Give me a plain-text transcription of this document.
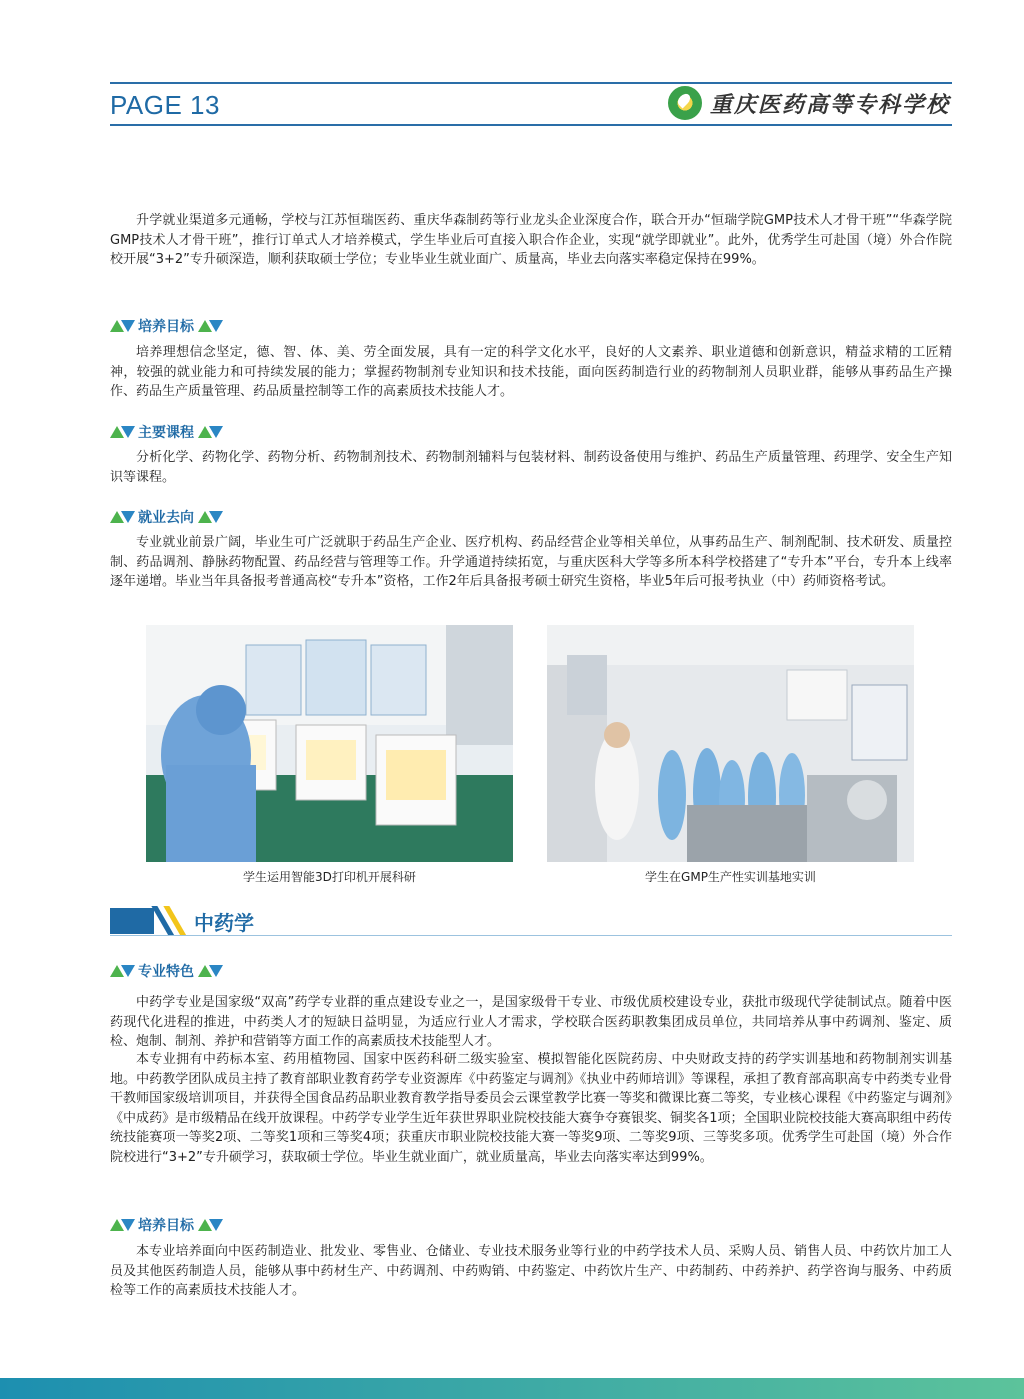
PAGE 13	重庆医药高等专科学校

升学就业渠道多元通畅，学校与江苏恒瑞医药、重庆华森制药等行业龙头企业深度合作，联合开办“恒瑞学院GMP技术人才骨干班”“华森学院GMP技术人才骨干班”，推行订单式人才培养模式，学生毕业后可直接入职合作企业，实现“就学即就业”。此外，优秀学生可赴国（境）外合作院校开展“3+2”专升硕深造，顺利获取硕士学位；专业毕业生就业面广、质量高，毕业去向落实率稳定保持在99%。

培养目标

培养理想信念坚定，德、智、体、美、劳全面发展，具有一定的科学文化水平，良好的人文素养、职业道德和创新意识，精益求精的工匠精神，较强的就业能力和可持续发展的能力；掌握药物制剂专业知识和技术技能，面向医药制造行业的药物制剂人员职业群，能够从事药品生产操作、药品生产质量管理、药品质量控制等工作的高素质技术技能人才。

主要课程

分析化学、药物化学、药物分析、药物制剂技术、药物制剂辅料与包装材料、制药设备使用与维护、药品生产质量管理、药理学、安全生产知识等课程。

就业去向

专业就业前景广阔，毕业生可广泛就职于药品生产企业、医疗机构、药品经营企业等相关单位，从事药品生产、制剂配制、技术研发、质量控制、药品调剂、静脉药物配置、药品经营与管理等工作。升学通道持续拓宽，与重庆医科大学等多所本科学校搭建了“专升本”平台，专升本上线率逐年递增。毕业当年具备报考普通高校“专升本”资格，工作2年后具备报考硕士研究生资格，毕业5年后可报考执业（中）药师资格考试。

学生运用智能3D打印机开展科研	学生在GMP生产性实训基地实训
中药学
专业特色

中药学专业是国家级“双高”药学专业群的重点建设专业之一，是国家级骨干专业、市级优质校建设专业，获批市级现代学徒制试点。随着中医药现代化进程的推进，中药类人才的短缺日益明显，为适应行业人才需求，学校联合医药职教集团成员单位，共同培养从事中药调剂、鉴定、质检、炮制、制剂、养护和营销等方面工作的高素质技术技能型人才。

本专业拥有中药标本室、药用植物园、国家中医药科研二级实验室、模拟智能化医院药房、中央财政支持的药学实训基地和药物制剂实训基地。中药教学团队成员主持了教育部职业教育药学专业资源库《中药鉴定与调剂》《执业中药师培训》等课程，承担了教育部高职高专中药类专业骨干教师国家级培训项目，并获得全国食品药品职业教育教学指导委员会云课堂教学比赛一等奖和微课比赛二等奖，专业核心课程《中药鉴定与调剂》《中成药》是市级精品在线开放课程。中药学专业学生近年获世界职业院校技能大赛争夺赛银奖、铜奖各1项；全国职业院校技能大赛高职组中药传统技能赛项一等奖2项、二等奖1项和三等奖4项；获重庆市职业院校技能大赛一等奖9项、二等奖9项、三等奖多项。优秀学生可赴国（境）外合作院校进行“3+2”专升硕学习，获取硕士学位。毕业生就业面广，就业质量高，毕业去向落实率达到99%。

培养目标

本专业培养面向中医药制造业、批发业、零售业、仓储业、专业技术服务业等行业的中药学技术人员、采购人员、销售人员、中药饮片加工人员及其他医药制造人员，能够从事中药材生产、中药调剂、中药购销、中药鉴定、中药饮片生产、中药制药、中药养护、药学咨询与服务、中药质检等工作的高素质技术技能人才。
